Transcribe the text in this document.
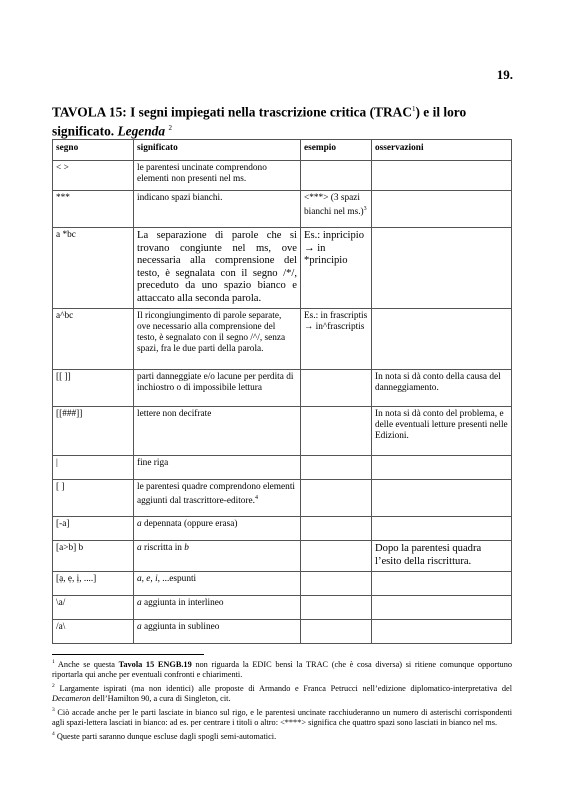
19.
TAVOLA 15: I segni impiegati nella trascrizione critica (TRAC$^1$) e il loro significato. Legenda $^2$
segno	significato	esempio	osservazioni
< >	le parentesi uncinate comprendono elementi non presenti nel ms.		
***	indicano spazi bianchi.	<***> (3 spazi bianchi nel ms.)$^3$	
a *bc	La separazione di parole che si trovano congiunte nel ms, ove necessaria alla comprensione del testo, è segnalata con il segno /*/, preceduto da uno spazio bianco e attaccato alla seconda parola.	Es.: inpricipio → in *principio	
a^bc	Il ricongiungimento di parole separate, ove necessario alla comprensione del testo, è segnalato con il segno /^/, senza spazi, fra le due parti della parola.	Es.: in frascriptis → in^frascriptis	
[[ ]]	parti danneggiate e/o lacune per perdita di inchiostro o di impossibile lettura		In nota si dà conto della causa del danneggiamento.
[[###]]	lettere non decifrate		In nota si dà conto del problema, e delle eventuali letture presenti nelle Edizioni.
|	fine riga		
[ ]	le parentesi quadre comprendono elementi aggiunti dal trascrittore-editore.$^4$		
[-a]	a depennata (oppure erasa)		
[a>b] b	a riscritta in b		Dopo la parentesi quadra l’esito della riscrittura.
[ạ, ẹ, ị, ....]	a, e, i, ...espunti		
\a/	a aggiunta in interlineo		
/a\	a aggiunta in sublineo		

$^1$ Anche se questa Tavola 15 ENGB.19 non riguarda la EDIC bensì la TRAC (che è cosa diversa) si ritiene comunque opportuno riportarla qui anche per eventuali confronti e chiarimenti.

$^2$ Largamente ispirati (ma non identici) alle proposte di Armando e Franca Petrucci nell’edizione diplomatico-interpretativa del Decameron dell’Hamilton 90, a cura di Singleton, cit.

$^3$ Ciò accade anche per le parti lasciate in bianco sul rigo, e le parentesi uncinate racchiuderanno un numero di asterischi corrispondenti agli spazi-lettera lasciati in bianco: ad es. per centrare i titoli o altro: <****> significa che quattro spazi sono lasciati in bianco nel ms.

$^4$ Queste parti saranno dunque escluse dagli spogli semi-automatici.
